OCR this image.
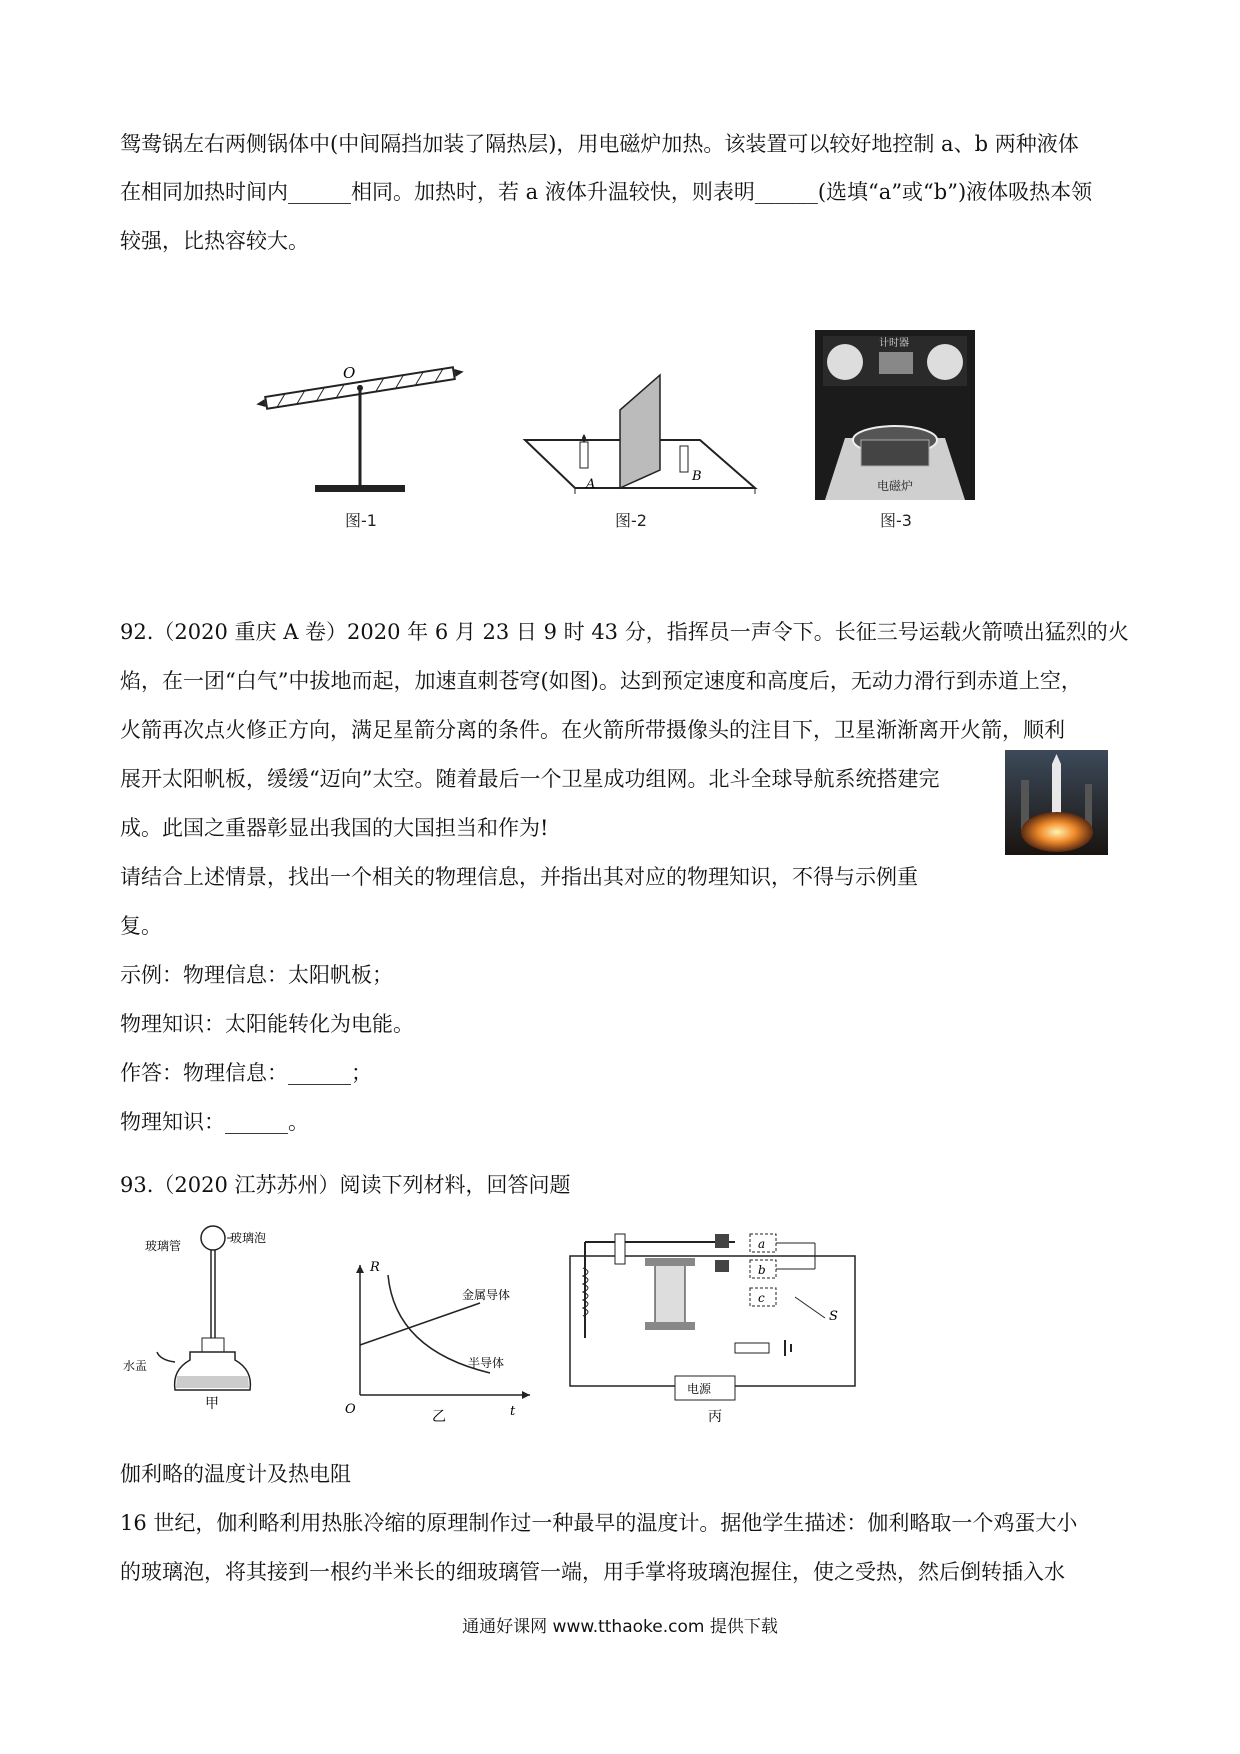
鸳鸯锅左右两侧锅体中(中间隔挡加装了隔热层)，用电磁炉加热。该装置可以较好地控制 a、b 两种液体
在相同加热时间内______相同。加热时，若 a 液体升温较快，则表明______(选填“a”或“b”)液体吸热本领
较强，比热容较大。
O
图-1
A
B
图-2
计时器
电磁炉
图-3
92.（2020 重庆 A 卷）2020 年 6 月 23 日 9 时 43 分，指挥员一声令下。长征三号运载火箭喷出猛烈的火
焰，在一团“白气”中拔地而起，加速直刺苍穹(如图)。达到预定速度和高度后，无动力滑行到赤道上空，
火箭再次点火修正方向，满足星箭分离的条件。在火箭所带摄像头的注目下，卫星渐渐离开火箭，顺利
展开太阳帆板，缓缓“迈向”太空。随着最后一个卫星成功组网。北斗全球导航系统搭建完
成。此国之重器彰显出我国的大国担当和作为!
请结合上述情景，找出一个相关的物理信息，并指出其对应的物理知识，不得与示例重
复。
示例：物理信息：太阳帆板；
物理知识：太阳能转化为电能。
作答：物理信息：______；
物理知识：______。
93.（2020 江苏苏州）阅读下列材料，回答问题
玻璃泡
玻璃管
水盂
甲
R
O	t
金属导体
半导体
乙
a
b
c
S
电源
丙
伽利略的温度计及热电阻
16 世纪，伽利略利用热胀冷缩的原理制作过一种最早的温度计。据他学生描述：伽利略取一个鸡蛋大小
的玻璃泡，将其接到一根约半米长的细玻璃管一端，用手掌将玻璃泡握住，使之受热，然后倒转插入水
通通好课网 www.tthaoke.com 提供下载
